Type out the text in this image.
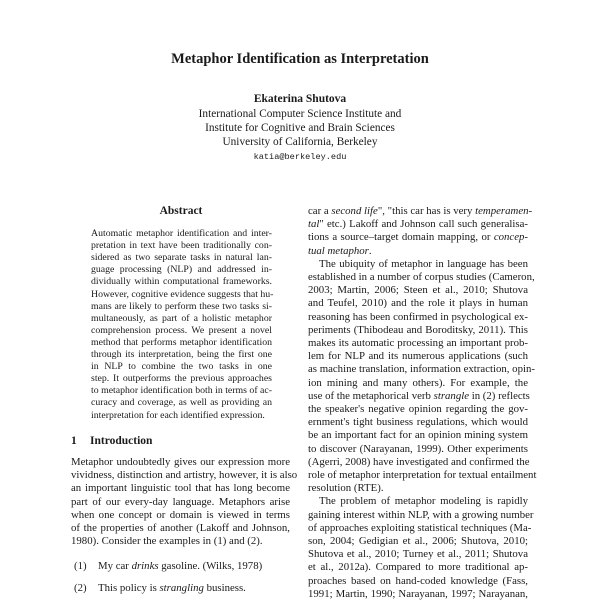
Metaphor Identification as Interpretation
Ekaterina Shutova
International Computer Science Institute and
Institute for Cognitive and Brain Sciences
University of California, Berkeley
katia@berkeley.edu
Abstract
Automatic metaphor identification and inter-
pretation in text have been traditionally con-
sidered as two separate tasks in natural lan-
guage processing (NLP) and addressed in-
dividually within computational frameworks.
However, cognitive evidence suggests that hu-
mans are likely to perform these two tasks si-
multaneously, as part of a holistic metaphor
comprehension process. We present a novel
method that performs metaphor identification
through its interpretation, being the first one
in NLP to combine the two tasks in one
step. It outperforms the previous approaches
to metaphor identification both in terms of ac-
curacy and coverage, as well as providing an
interpretation for each identified expression.
1 Introduction
Metaphor undoubtedly gives our expression more
vividness, distinction and artistry, however, it is also
an important linguistic tool that has long become
part of our every-day language. Metaphors arise
when one concept or domain is viewed in terms
of the properties of another (Lakoff and Johnson,
1980). Consider the examples in (1) and (2).
(1) My car drinks gasoline. (Wilks, 1978)
(2) This policy is strangling business.
car a second life", "this car has is very temperamen-
tal" etc.) Lakoff and Johnson call such generalisa-
tions a source–target domain mapping, or concep-
tual metaphor.
The ubiquity of metaphor in language has been
established in a number of corpus studies (Cameron,
2003; Martin, 2006; Steen et al., 2010; Shutova
and Teufel, 2010) and the role it plays in human
reasoning has been confirmed in psychological ex-
periments (Thibodeau and Boroditsky, 2011). This
makes its automatic processing an important prob-
lem for NLP and its numerous applications (such
as machine translation, information extraction, opin-
ion mining and many others). For example, the
use of the metaphorical verb strangle in (2) reflects
the speaker's negative opinion regarding the gov-
ernment's tight business regulations, which would
be an important fact for an opinion mining system
to discover (Narayanan, 1999). Other experiments
(Agerri, 2008) have investigated and confirmed the
role of metaphor interpretation for textual entailment
resolution (RTE).
The problem of metaphor modeling is rapidly
gaining interest within NLP, with a growing number
of approaches exploiting statistical techniques (Ma-
son, 2004; Gedigian et al., 2006; Shutova, 2010;
Shutova et al., 2010; Turney et al., 2011; Shutova
et al., 2012a). Compared to more traditional ap-
proaches based on hand-coded knowledge (Fass,
1991; Martin, 1990; Narayanan, 1997; Narayanan,
